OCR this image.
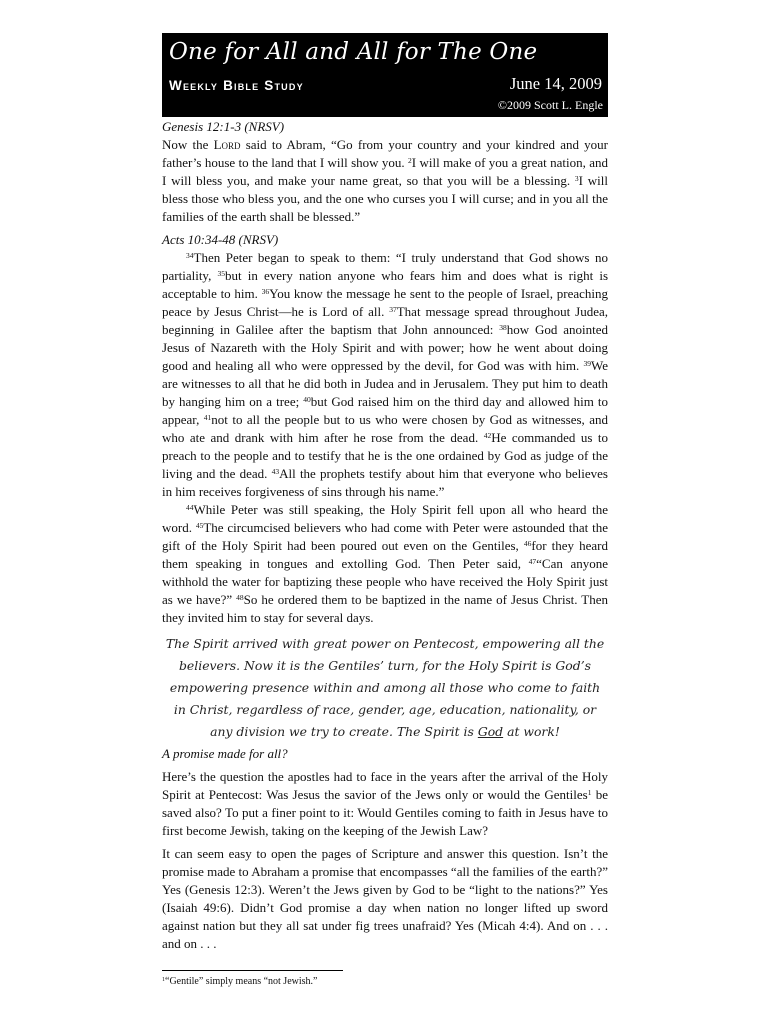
One for All and All for The One
Weekly Bible Study	June 14, 2009
©2009 Scott L. Engle

Genesis 12:1-3 (NRSV)

Now the Lord said to Abram, “Go from your country and your kindred and your father’s house to the land that I will show you. $^2$I will make of you a great nation, and I will bless you, and make your name great, so that you will be a blessing. $^3$I will bless those who bless you, and the one who curses you I will curse; and in you all the families of the earth shall be blessed.”

Acts 10:34-48 (NRSV)

$^{34}$Then Peter began to speak to them: “I truly understand that God shows no partiality, $^{35}$but in every nation anyone who fears him and does what is right is acceptable to him. $^{36}$You know the message he sent to the people of Israel, preaching peace by Jesus Christ—he is Lord of all. $^{37}$That message spread throughout Judea, beginning in Galilee after the baptism that John announced: $^{38}$how God anointed Jesus of Nazareth with the Holy Spirit and with power; how he went about doing good and healing all who were oppressed by the devil, for God was with him. $^{39}$We are witnesses to all that he did both in Judea and in Jerusalem. They put him to death by hanging him on a tree; $^{40}$but God raised him on the third day and allowed him to appear, $^{41}$not to all the people but to us who were chosen by God as witnesses, and who ate and drank with him after he rose from the dead. $^{42}$He commanded us to preach to the people and to testify that he is the one ordained by God as judge of the living and the dead. $^{43}$All the prophets testify about him that everyone who believes in him receives forgiveness of sins through his name.”

$^{44}$While Peter was still speaking, the Holy Spirit fell upon all who heard the word. $^{45}$The circumcised believers who had come with Peter were astounded that the gift of the Holy Spirit had been poured out even on the Gentiles, $^{46}$for they heard them speaking in tongues and extolling God. Then Peter said, $^{47}$“Can anyone withhold the water for baptizing these people who have received the Holy Spirit just as we have?” $^{48}$So he ordered them to be baptized in the name of Jesus Christ. Then they invited him to stay for several days.

The Spirit arrived with great power on Pentecost, empowering all the believers. Now it is the Gentiles’ turn, for the Holy Spirit is God’s empowering presence within and among all those who come to faith in Christ, regardless of race, gender, age, education, nationality, or any division we try to create. The Spirit is God at work!

A promise made for all?

Here’s the question the apostles had to face in the years after the arrival of the Holy Spirit at Pentecost: Was Jesus the savior of the Jews only or would the Gentiles$^1$ be saved also? To put a finer point to it: Would Gentiles coming to faith in Jesus have to first become Jewish, taking on the keeping of the Jewish Law?

It can seem easy to open the pages of Scripture and answer this question. Isn’t the promise made to Abraham a promise that encompasses “all the families of the earth?” Yes (Genesis 12:3). Weren’t the Jews given by God to be “light to the nations?” Yes (Isaiah 49:6). Didn’t God promise a day when nation no longer lifted up sword against nation but they all sat under fig trees unafraid? Yes (Micah 4:4). And on . . . and on . . .

$^1$“Gentile” simply means “not Jewish.”
